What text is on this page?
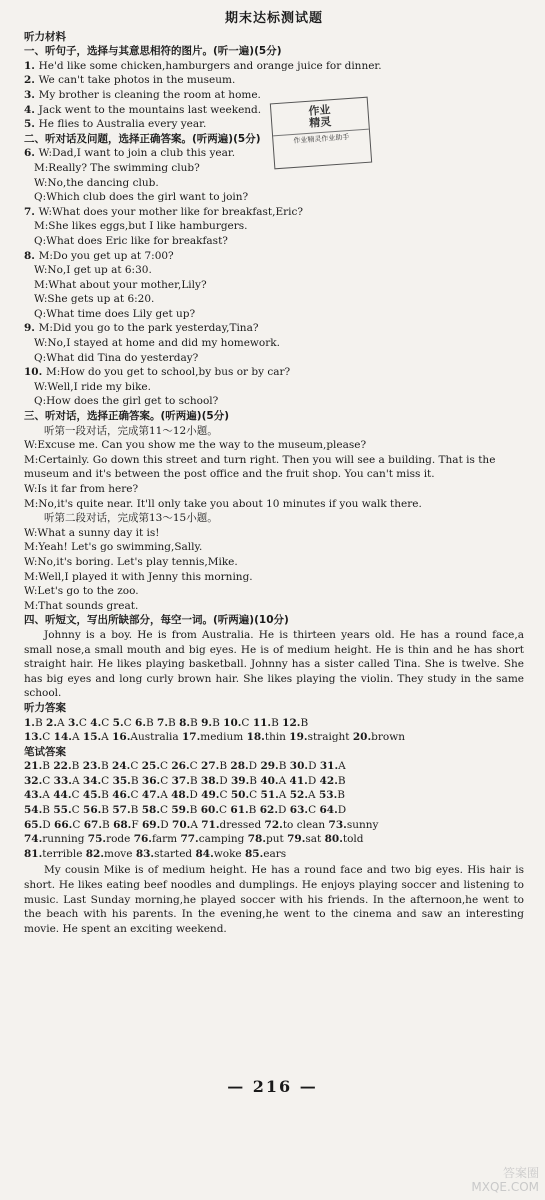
期末达标测试题
听力材料
一、听句子，选择与其意思相符的图片。(听一遍)(5分)
1. He'd like some chicken,hamburgers and orange juice for dinner.
2. We can't take photos in the museum.
3. My brother is cleaning the room at home.
4. Jack went to the mountains last weekend.
5. He flies to Australia every year.
二、听对话及问题，选择正确答案。(听两遍)(5分)
6. W:Dad,I want to join a club this year.
M:Really? The swimming club?
W:No,the dancing club.
Q:Which club does the girl want to join?
7. W:What does your mother like for breakfast,Eric?
M:She likes eggs,but I like hamburgers.
Q:What does Eric like for breakfast?
8. M:Do you get up at 7:00?
W:No,I get up at 6:30.
M:What about your mother,Lily?
W:She gets up at 6:20.
Q:What time does Lily get up?
9. M:Did you go to the park yesterday,Tina?
W:No,I stayed at home and did my homework.
Q:What did Tina do yesterday?
10. M:How do you get to school,by bus or by car?
W:Well,I ride my bike.
Q:How does the girl get to school?
三、听对话，选择正确答案。(听两遍)(5分)
听第一段对话，完成第11～12小题。
W:Excuse me. Can you show me the way to the museum,please?
M:Certainly. Go down this street and turn right. Then you will see a building. That is the museum and it's between the post office and the fruit shop. You can't miss it.
W:Is it far from here?
M:No,it's quite near. It'll only take you about 10 minutes if you walk there.
听第二段对话，完成第13～15小题。
W:What a sunny day it is!
M:Yeah! Let's go swimming,Sally.
W:No,it's boring. Let's play tennis,Mike.
M:Well,I played it with Jenny this morning.
W:Let's go to the zoo.
M:That sounds great.
四、听短文，写出所缺部分，每空一词。(听两遍)(10分)
Johnny is a boy. He is from Australia. He is thirteen years old. He has a round face,a small nose,a small mouth and big eyes. He is of medium height. He is thin and he has short straight hair. He likes playing basketball. Johnny has a sister called Tina. She is twelve. She has big eyes and long curly brown hair. She likes playing the violin. They study in the same school.
听力答案
1.B 2.A 3.C 4.C 5.C 6.B 7.B 8.B 9.B 10.C 11.B 12.B
13.C 14.A 15.A 16.Australia 17.medium 18.thin 19.straight 20.brown
笔试答案
21.B 22.B 23.B 24.C 25.C 26.C 27.B 28.D 29.B 30.D 31.A
32.C 33.A 34.C 35.B 36.C 37.B 38.D 39.B 40.A 41.D 42.B
43.A 44.C 45.B 46.C 47.A 48.D 49.C 50.C 51.A 52.A 53.B
54.B 55.C 56.B 57.B 58.C 59.B 60.C 61.B 62.D 63.C 64.D
65.D 66.C 67.B 68.F 69.D 70.A 71.dressed 72.to clean 73.sunny
74.running 75.rode 76.farm 77.camping 78.put 79.sat 80.told
81.terrible 82.move 83.started 84.woke 85.ears
My cousin Mike is of medium height. He has a round face and two big eyes. His hair is short. He likes eating beef noodles and dumplings. He enjoys playing soccer and listening to music. Last Sunday morning,he played soccer with his friends. In the afternoon,he went to the beach with his parents. In the evening,he went to the cinema and saw an interesting movie. He spent an exciting weekend.
作业
精灵
作业精灵作业助手
— 216 —
答案圈
MXQE.COM
